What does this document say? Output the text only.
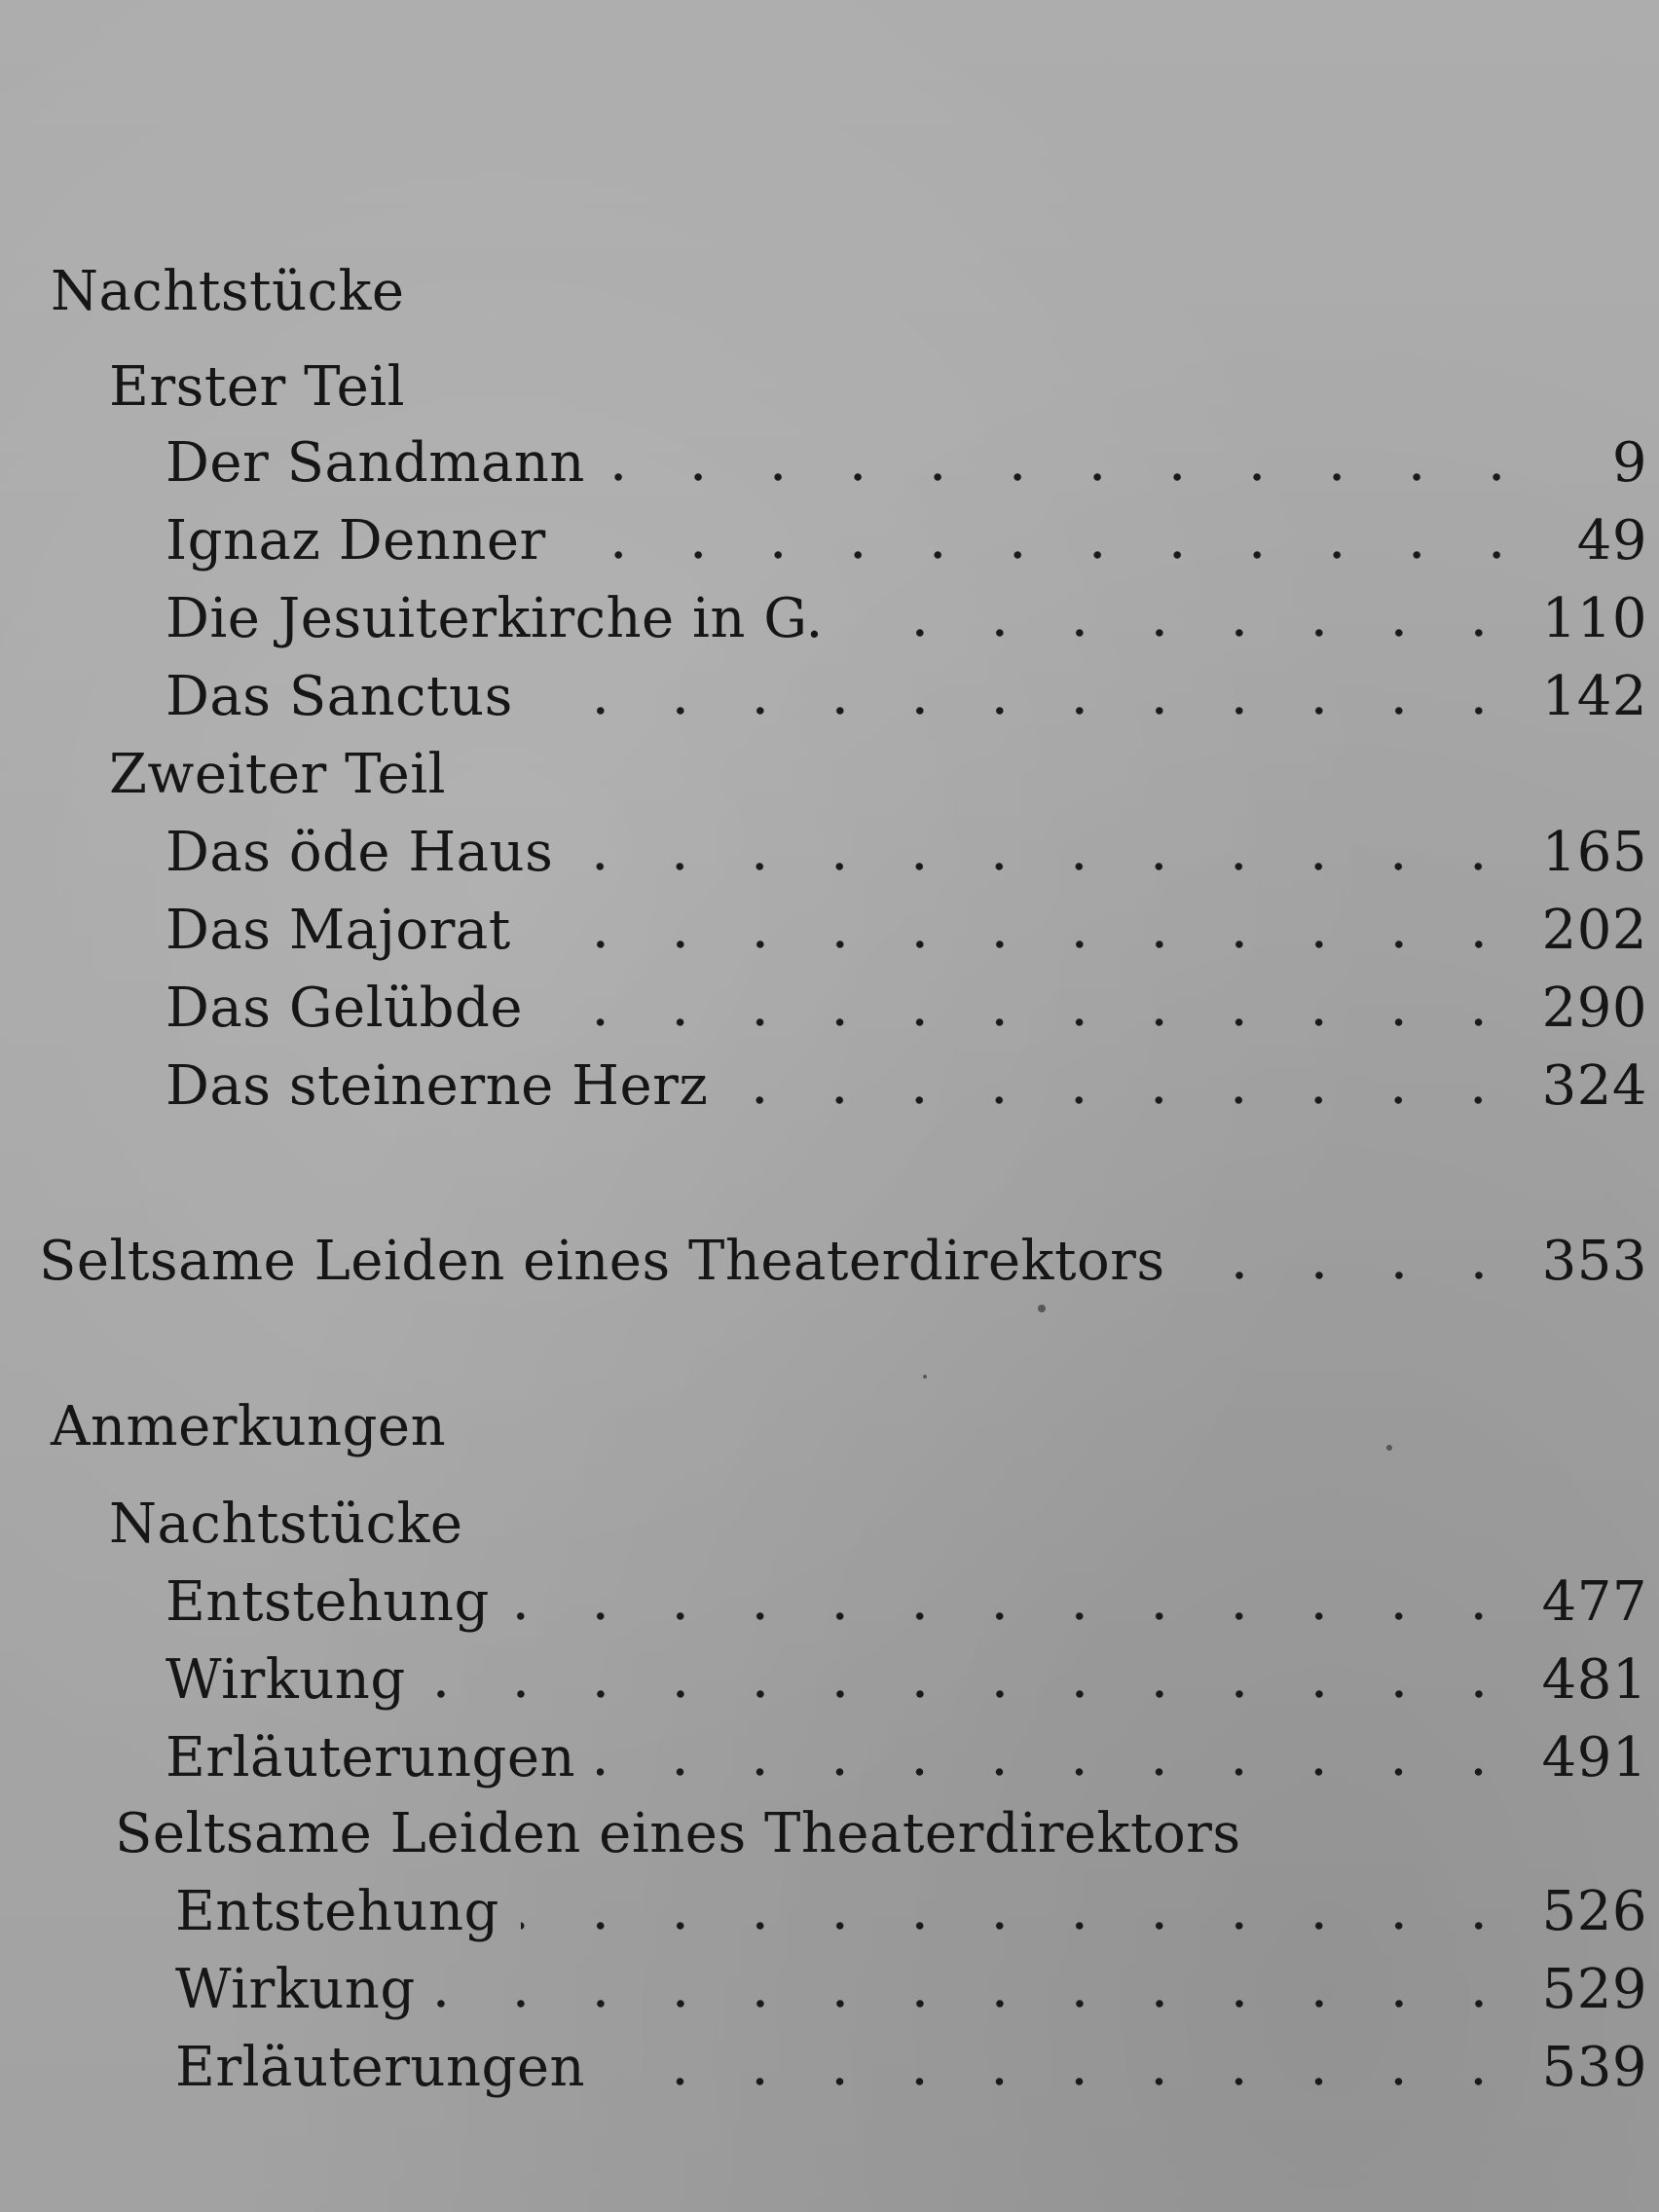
Nachtstücke
Erster Teil
Der Sandmann	9
Ignaz Denner	49
Die Jesuiterkirche in G.	110
Das Sanctus	142
Zweiter Teil
Das öde Haus	165
Das Majorat	202
Das Gelübde	290
Das steinerne Herz	324
Seltsame Leiden eines Theaterdirektors	353
Anmerkungen
Nachtstücke
Entstehung	477
Wirkung	481
Erläuterungen	491
Seltsame Leiden eines Theaterdirektors
Entstehung	526
Wirkung	529
Erläuterungen	539
